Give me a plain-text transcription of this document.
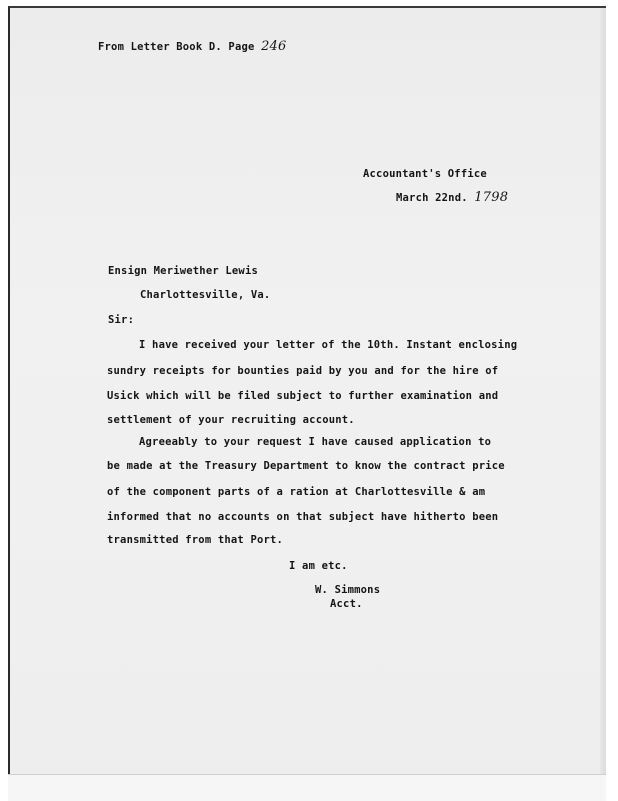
From Letter Book D. Page 246
Accountant's Office
March 22nd. 1798
Ensign Meriwether Lewis
Charlottesville, Va.
Sir:
I have received your letter of the 10th. Instant enclosing
sundry receipts for bounties paid by you and for the hire of
Usick which will be filed subject to further examination and
settlement of your recruiting account.
Agreeably to your request I have caused application to
be made at the Treasury Department to know the contract price
of the component parts of a ration at Charlottesville & am
informed that no accounts on that subject have hitherto been
transmitted from that Port.
I am etc.
W. Simmons
Acct.
